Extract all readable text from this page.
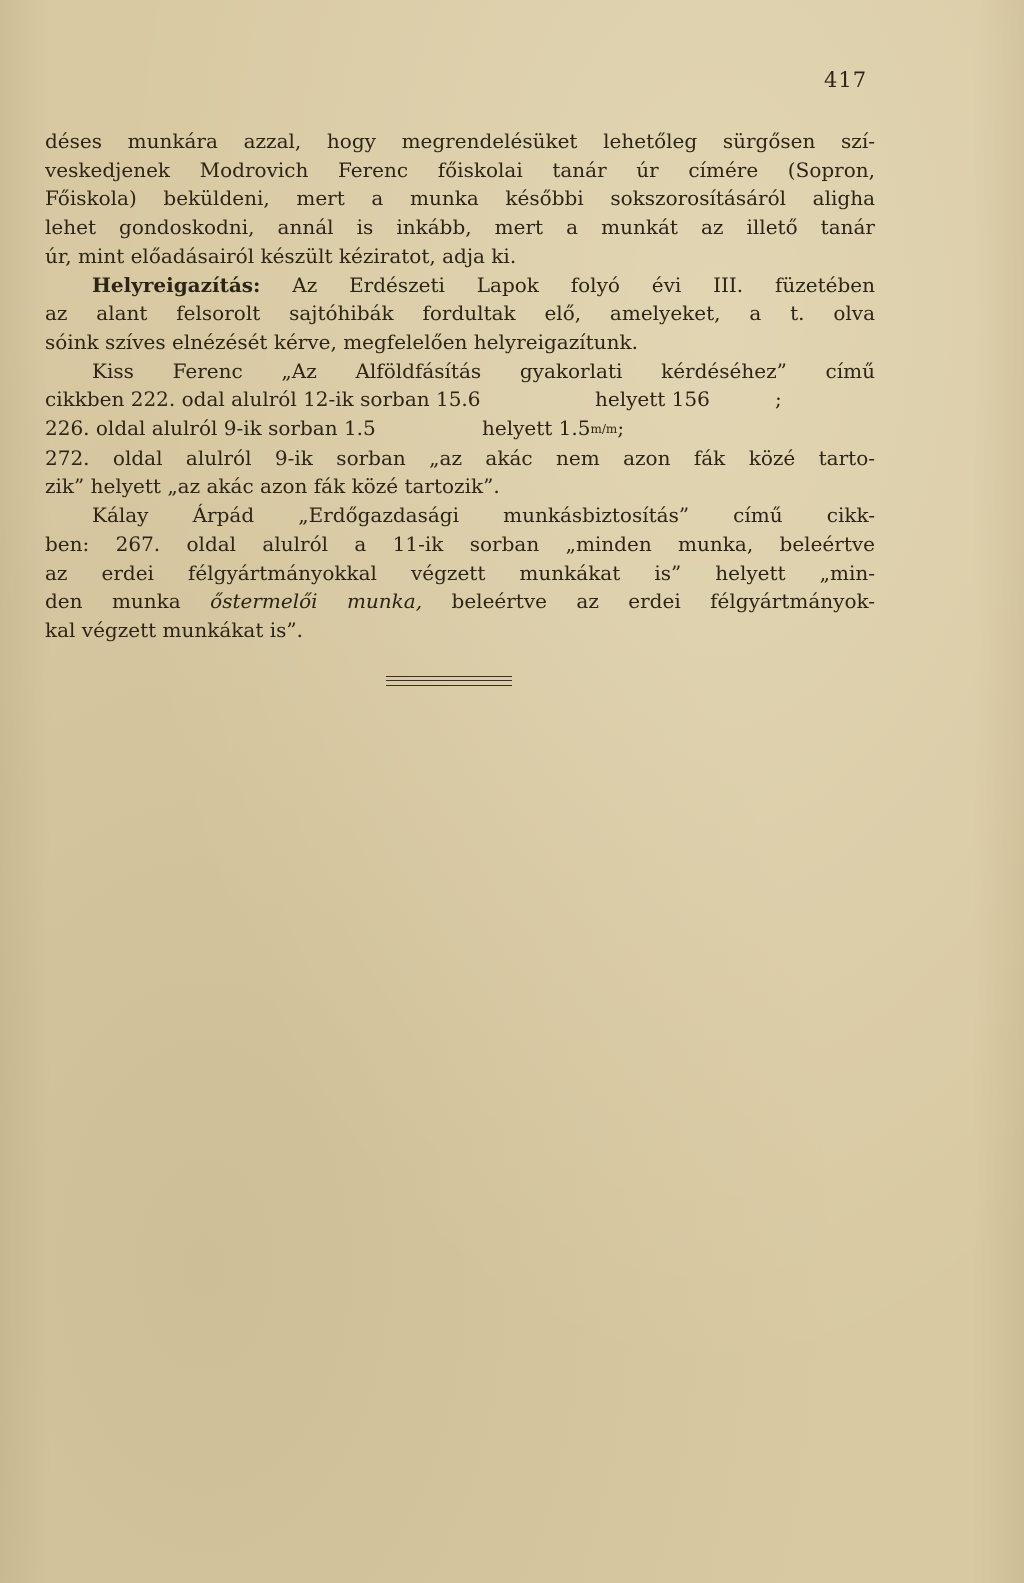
417
déses munkára azzal, hogy megrendelésüket lehetőleg sürgősen szí-
veskedjenek Modrovich Ferenc főiskolai tanár úr címére (Sopron,
Főiskola) beküldeni, mert a munka későbbi sokszorosításáról aligha
lehet gondoskodni, annál is inkább, mert a munkát az illető tanár
úr, mint előadásairól készült kéziratot, adja ki.
Helyreigazítás: Az Erdészeti Lapok folyó évi III. füzetében
az alant felsorolt sajtóhibák fordultak elő, amelyeket, a t. olva
sóink szíves elnézését kérve, megfelelően helyreigazítunk.
Kiss Ferenc „Az Alföldfásítás gyakorlati kérdéséhez” című
cikkben 222. odal alulról 12-ik sorban 15.6	helyett 156	;
226. oldal alulról 9-ik sorban 1.5	helyett 1.5m/m;
272. oldal alulról 9-ik sorban „az akác nem azon fák közé tarto-
zik” helyett „az akác azon fák közé tartozik”.
Kálay Árpád „Erdőgazdasági munkásbiztosítás” című cikk-
ben: 267. oldal alulról a 11-ik sorban „minden munka, beleértve
az erdei félgyártmányokkal végzett munkákat is” helyett „min-
den munka őstermelői munka, beleértve az erdei félgyártmányok-
kal végzett munkákat is”.
